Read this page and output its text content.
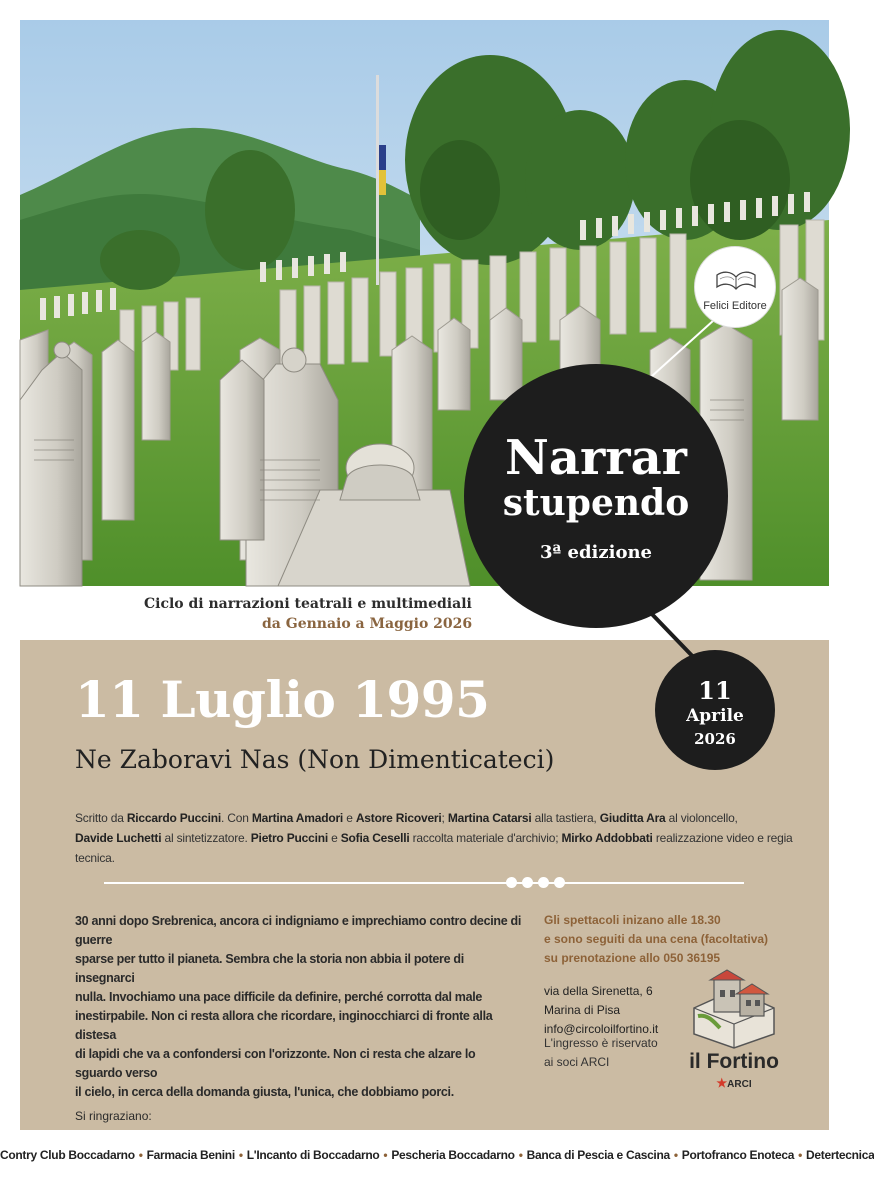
Felici Editore
Narrar
stupendo
3ª edizione
Ciclo di narrazioni teatrali e multimediali
da Gennaio a Maggio 2026
11
Aprile
2026
11 Luglio 1995
Ne Zaboravi Nas (Non Dimenticateci)
Scritto da Riccardo Puccini. Con Martina Amadori e Astore Ricoveri; Martina Catarsi alla tastiera, Giuditta Ara al violoncello,
Davide Luchetti al sintetizzatore. Pietro Puccini e Sofia Ceselli raccolta materiale d'archivio; Mirko Addobbati realizzazione video e regia tecnica.
30 anni dopo Srebrenica, ancora ci indigniamo e imprechiamo contro decine di guerre
sparse per tutto il pianeta. Sembra che la storia non abbia il potere di insegnarci
nulla. Invochiamo una pace difficile da definire, perché corrotta dal male
inestirpabile. Non ci resta allora che ricordare, inginocchiarci di fronte alla distesa
di lapidi che va a confondersi con l'orizzonte. Non ci resta che alzare lo sguardo verso
il cielo, in cerca della domanda giusta, l'unica, che dobbiamo porci.
Gli spettacoli inizano alle 18.30
e sono seguiti da una cena (facoltativa)
su prenotazione allo 050 36195
via della Sirenetta, 6
Marina di Pisa
info@circoloilfortino.it
L'ingresso è riservato
ai soci ARCI	il Fortino
★ARCI
Si ringraziano:
Contry Club Boccadarno • Farmacia Benini • L'Incanto di Boccadarno • Pescheria Boccadarno • Banca di Pescia e Cascina • Portofranco Enoteca • Detertecnica
